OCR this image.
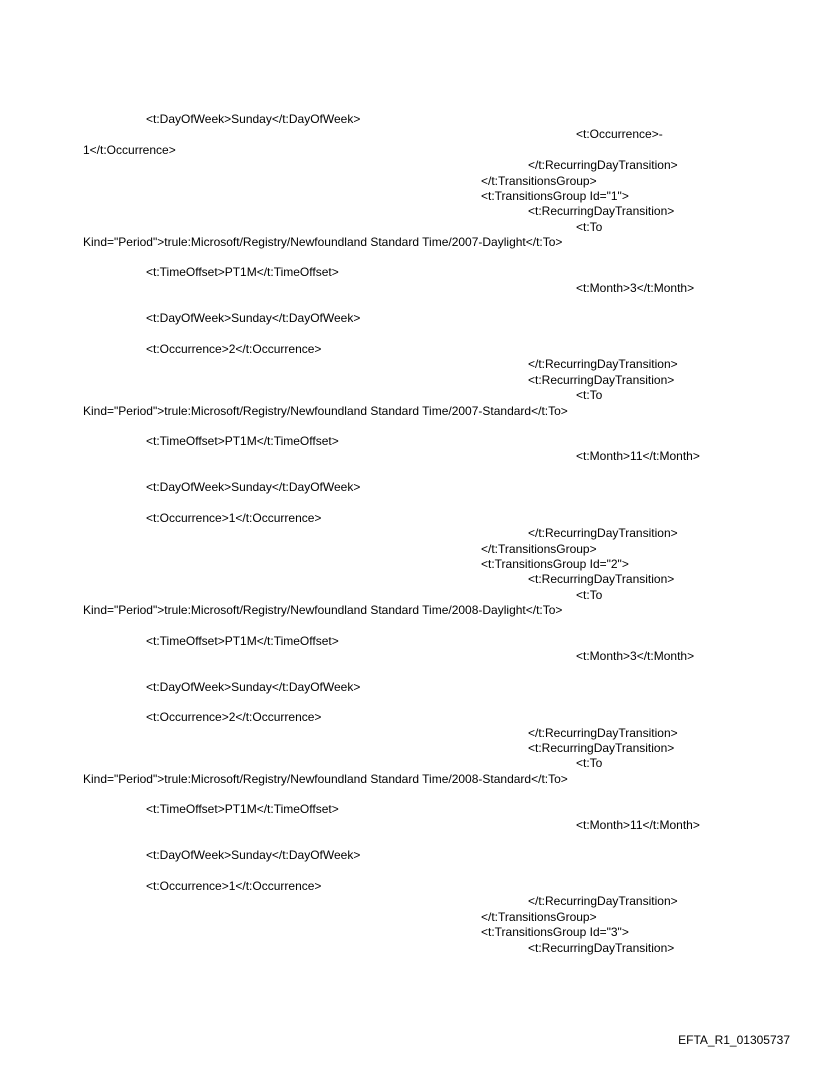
<t:DayOfWeek>Sunday</t:DayOfWeek>
<t:Occurrence>-
1</t:Occurrence>
</t:RecurringDayTransition>
</t:TransitionsGroup>
<t:TransitionsGroup Id="1">
<t:RecurringDayTransition>
<t:To
Kind="Period">trule:Microsoft/Registry/Newfoundland Standard Time/2007-Daylight</t:To>
<t:TimeOffset>PT1M</t:TimeOffset>
<t:Month>3</t:Month>
<t:DayOfWeek>Sunday</t:DayOfWeek>
<t:Occurrence>2</t:Occurrence>
</t:RecurringDayTransition>
<t:RecurringDayTransition>
<t:To
Kind="Period">trule:Microsoft/Registry/Newfoundland Standard Time/2007-Standard</t:To>
<t:TimeOffset>PT1M</t:TimeOffset>
<t:Month>11</t:Month>
<t:DayOfWeek>Sunday</t:DayOfWeek>
<t:Occurrence>1</t:Occurrence>
</t:RecurringDayTransition>
</t:TransitionsGroup>
<t:TransitionsGroup Id="2">
<t:RecurringDayTransition>
<t:To
Kind="Period">trule:Microsoft/Registry/Newfoundland Standard Time/2008-Daylight</t:To>
<t:TimeOffset>PT1M</t:TimeOffset>
<t:Month>3</t:Month>
<t:DayOfWeek>Sunday</t:DayOfWeek>
<t:Occurrence>2</t:Occurrence>
</t:RecurringDayTransition>
<t:RecurringDayTransition>
<t:To
Kind="Period">trule:Microsoft/Registry/Newfoundland Standard Time/2008-Standard</t:To>
<t:TimeOffset>PT1M</t:TimeOffset>
<t:Month>11</t:Month>
<t:DayOfWeek>Sunday</t:DayOfWeek>
<t:Occurrence>1</t:Occurrence>
</t:RecurringDayTransition>
</t:TransitionsGroup>
<t:TransitionsGroup Id="3">
<t:RecurringDayTransition>
EFTA_R1_01305737
